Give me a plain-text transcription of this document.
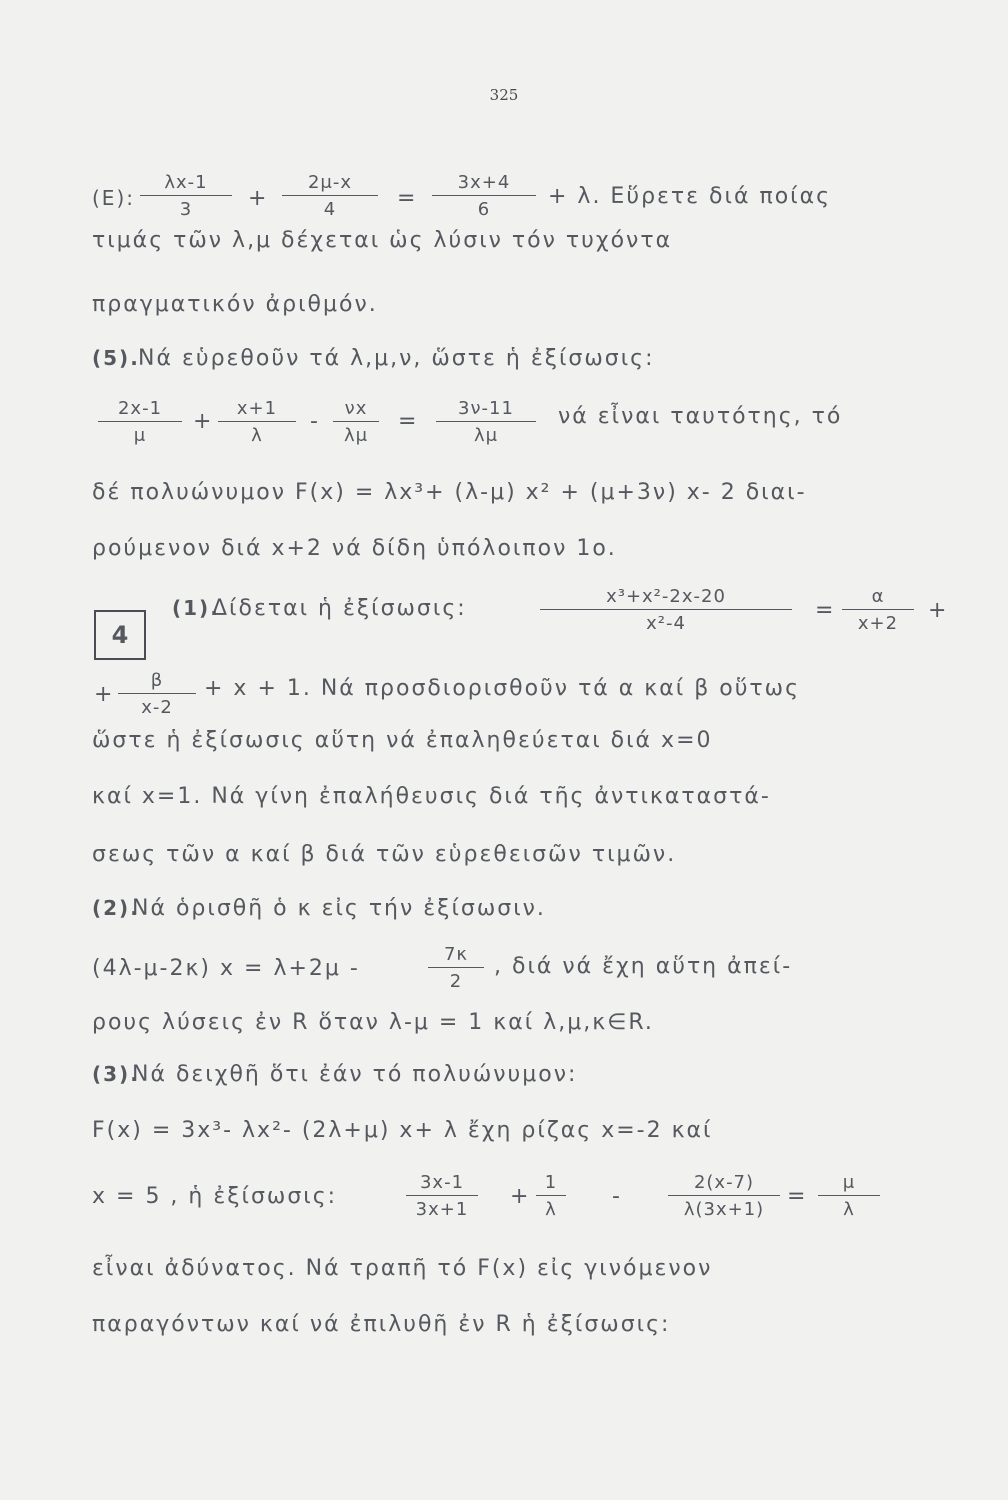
325
(E): $\frac{\lambda x-1}{3} + \frac{2\mu-x}{4} = \frac{3x+4}{6} + \lambda$. Εὕρετε διά ποίας
τιμάς τῶν λ,μ δέχεται ὡς λύσιν τόν τυχόντα
πραγματικόν ἀριθμόν.
(5).
Νά εὑρεθοῦν τά λ,μ,ν, ὥστε ἡ ἐξίσωσις:
$\frac{2x-1}{\mu} + \frac{x+1}{\lambda} - \frac{\nu x}{\lambda\mu} = \frac{3\nu-11}{\lambda\mu}$ νά εἶναι ταυτότης, τό
δέ πολυώνυμον F(x) = λx³+ (λ-μ) x² + (μ+3ν) x- 2 διαι-
ρούμενον διά x+2 νά δίδη ὑπόλοιπον 1ο.
4
(1).
Δίδεται ἡ ἐξίσωσις:	$\frac{\text{x³+x²-2x-20}}{\text{x²-4}} = \frac{\alpha}{x+2}$ +
+ $\frac{\beta}{x-2} + x + 1$. Νά προσδιορισθοῦν τά α καί β οὕτως
ὥστε ἡ ἐξίσωσις αὕτη νά ἐπαληθεύεται διά x=0
καί x=1. Νά γίνη ἐπαλήθευσις διά τῆς ἀντικαταστά-
σεως τῶν α καί β διά τῶν εὑρεθεισῶν τιμῶν.
(2).
Νά ὁρισθῆ ὁ κ εἰς τήν ἐξίσωσιν.
(4λ-μ-2κ) x = λ+2μ -	$\frac{7\kappa}{2}$ , διά νά ἔχη αὕτη ἀπεί-
ρους λύσεις ἐν R ὅταν λ-μ = 1 καί λ,μ,κ∈R.
(3).
Νά δειχθῆ ὅτι ἐάν τό πολυώνυμον:
F(x) = 3x³- λx²- (2λ+μ) x+ λ ἔχη ρίζας x=-2 καί
x = 5 , ἡ ἐξίσωσις:	$\frac{3x-1}{3x+1} + \frac{1}{\lambda}$ -	$\frac{2(x-7)}{\lambda(3x+1)} = \frac{\mu}{\lambda}$
εἶναι ἀδύνατος. Νά τραπῆ τό F(x) εἰς γινόμενον
παραγόντων καί νά ἐπιλυθῆ ἐν R ἡ ἐξίσωσις:
